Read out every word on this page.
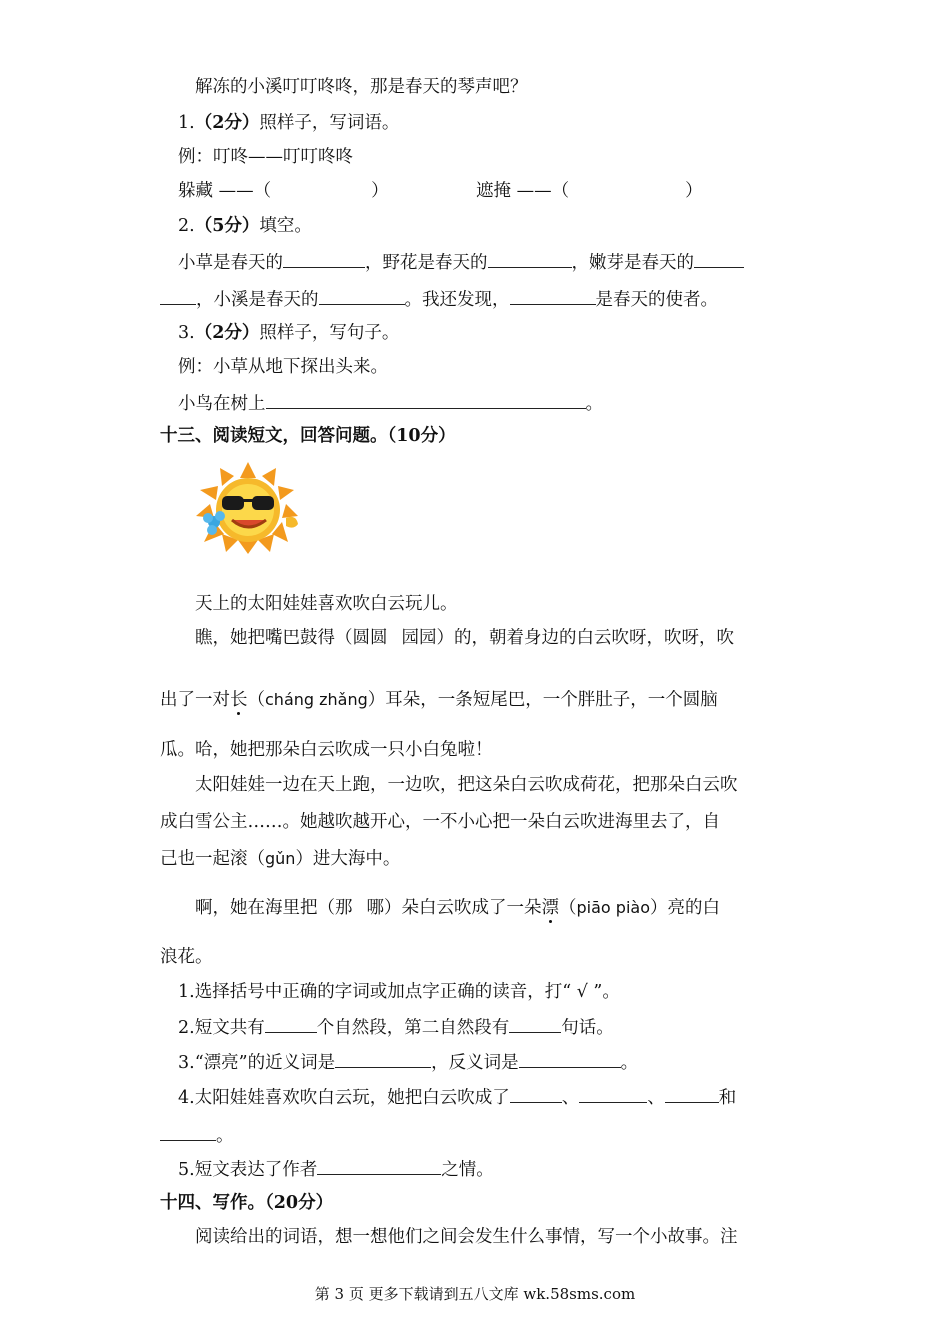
解冻的小溪叮叮咚咚，那是春天的琴声吧？
1.（2分）照样子，写词语。
例：叮咚——叮叮咚咚
躲藏 ——（	）	遮掩 ——（	）
2.（5分）填空。
小草是春天的	，野花是春天的	，嫩芽是春天的
，小溪是春天的	。我还发现，	是春天的使者。
3.（2分）照样子，写句子。
例：小草从地下探出头来。
小鸟在树上	。
十三、阅读短文，回答问题。（10分）
天上的太阳娃娃喜欢吹白云玩儿。
瞧，她把嘴巴鼓得（圆圆 园园）的，朝着身边的白云吹呀，吹呀，吹
出了一对长（cháng zhǎng）耳朵，一条短尾巴，一个胖肚子，一个圆脑
瓜。哈，她把那朵白云吹成一只小白兔啦！
太阳娃娃一边在天上跑，一边吹，把这朵白云吹成荷花，把那朵白云吹
成白雪公主……。她越吹越开心，一不小心把一朵白云吹进海里去了，自
己也一起滚（gǔn）进大海中。
啊，她在海里把（那 哪）朵白云吹成了一朵漂（piāo piào）亮的白
浪花。
1.选择括号中正确的字词或加点字正确的读音，打“ √ ”。
2.短文共有	个自然段，第二自然段有	句话。
3.“漂亮”的近义词是	，反义词是	。
4.太阳娃娃喜欢吹白云玩，她把白云吹成了	、	、	和
。
5.短文表达了作者	之情。
十四、写作。（20分）
阅读给出的词语，想一想他们之间会发生什么事情，写一个小故事。注
第 3 页 更多下载请到五八文库 wk.58sms.com
